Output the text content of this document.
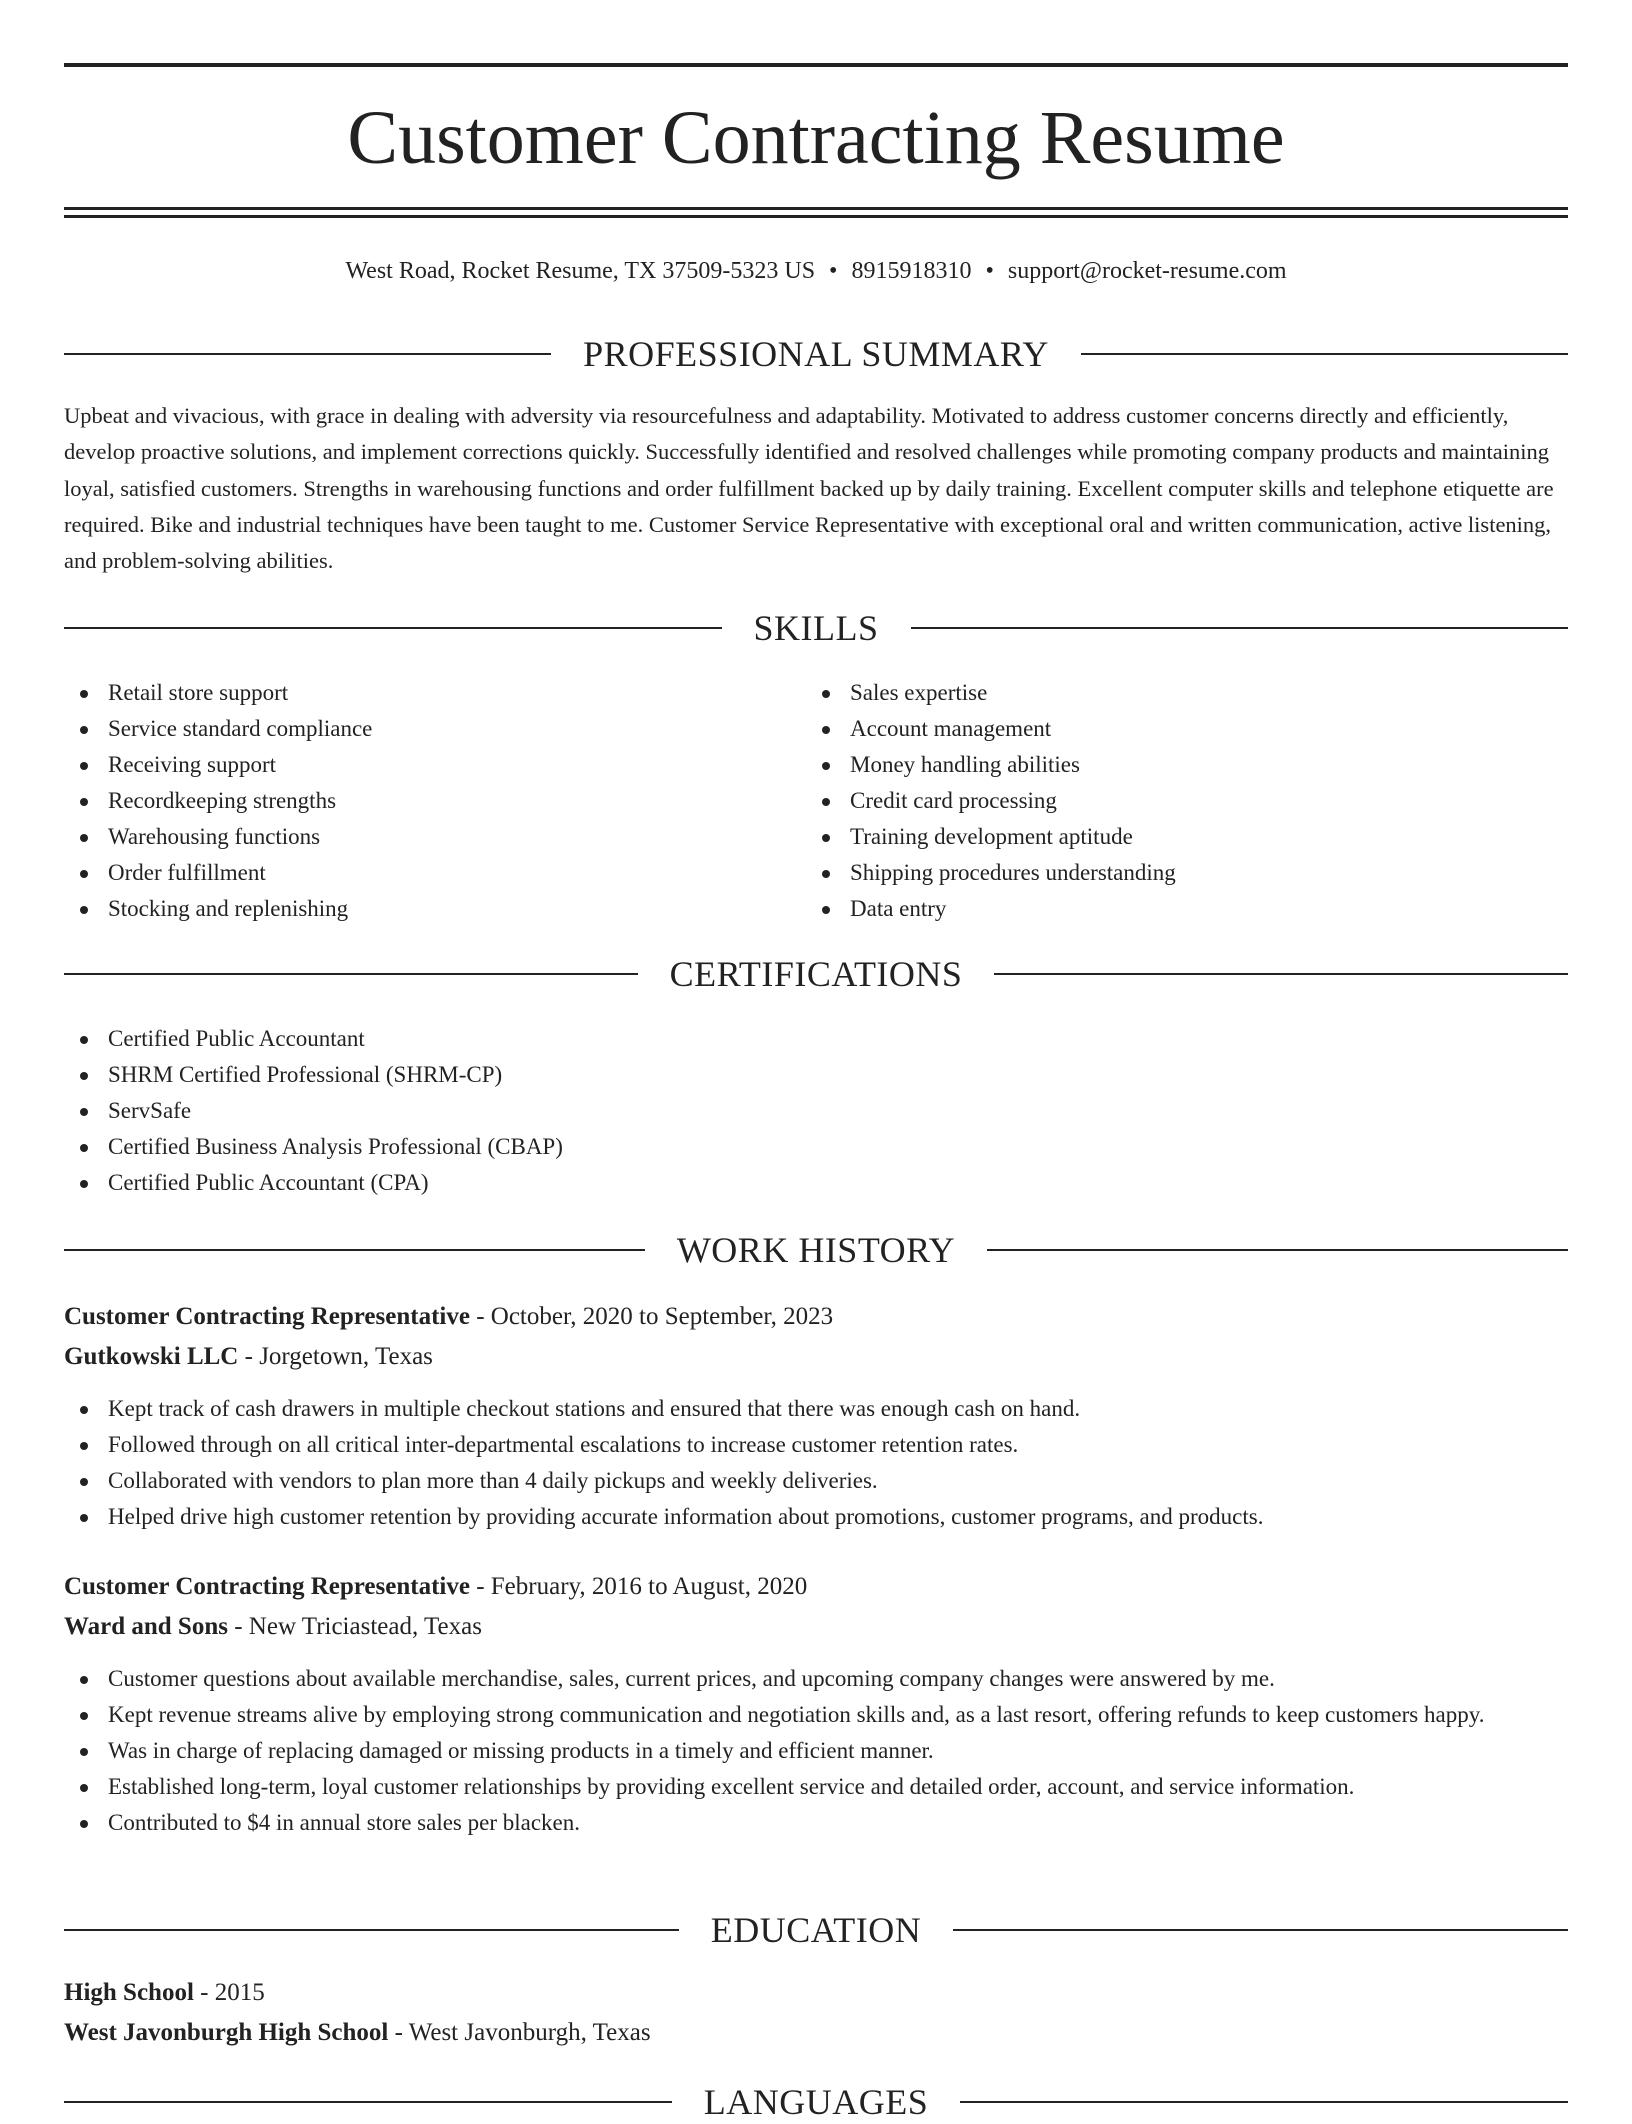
Customer Contracting Resume
West Road, Rocket Resume, TX 37509-5323 US • 8915918310 • support@rocket-resume.com
PROFESSIONAL SUMMARY

Upbeat and vivacious, with grace in dealing with adversity via resourcefulness and adaptability. Motivated to address customer concerns directly and efficiently, develop proactive solutions, and implement corrections quickly. Successfully identified and resolved challenges while promoting company products and maintaining loyal, satisfied customers. Strengths in warehousing functions and order fulfillment backed up by daily training. Excellent computer skills and telephone etiquette are required. Bike and industrial techniques have been taught to me. Customer Service Representative with exceptional oral and written communication, active listening, and problem-solving abilities.

SKILLS
Retail store support
Service standard compliance
Receiving support
Recordkeeping strengths
Warehousing functions
Order fulfillment
Stocking and replenishing
Sales expertise
Account management
Money handling abilities
Credit card processing
Training development aptitude
Shipping procedures understanding
Data entry
CERTIFICATIONS
Certified Public Accountant
SHRM Certified Professional (SHRM-CP)
ServSafe
Certified Business Analysis Professional (CBAP)
Certified Public Accountant (CPA)
WORK HISTORY
Customer Contracting Representative - October, 2020 to September, 2023
Gutkowski LLC - Jorgetown, Texas
Kept track of cash drawers in multiple checkout stations and ensured that there was enough cash on hand.
Followed through on all critical inter-departmental escalations to increase customer retention rates.
Collaborated with vendors to plan more than 4 daily pickups and weekly deliveries.
Helped drive high customer retention by providing accurate information about promotions, customer programs, and products.
Customer Contracting Representative - February, 2016 to August, 2020
Ward and Sons - New Triciastead, Texas
Customer questions about available merchandise, sales, current prices, and upcoming company changes were answered by me.
Kept revenue streams alive by employing strong communication and negotiation skills and, as a last resort, offering refunds to keep customers happy.
Was in charge of replacing damaged or missing products in a timely and efficient manner.
Established long-term, loyal customer relationships by providing excellent service and detailed order, account, and service information.
Contributed to $4 in annual store sales per blacken.
EDUCATION
High School - 2015
West Javonburgh High School - West Javonburgh, Texas
LANGUAGES
